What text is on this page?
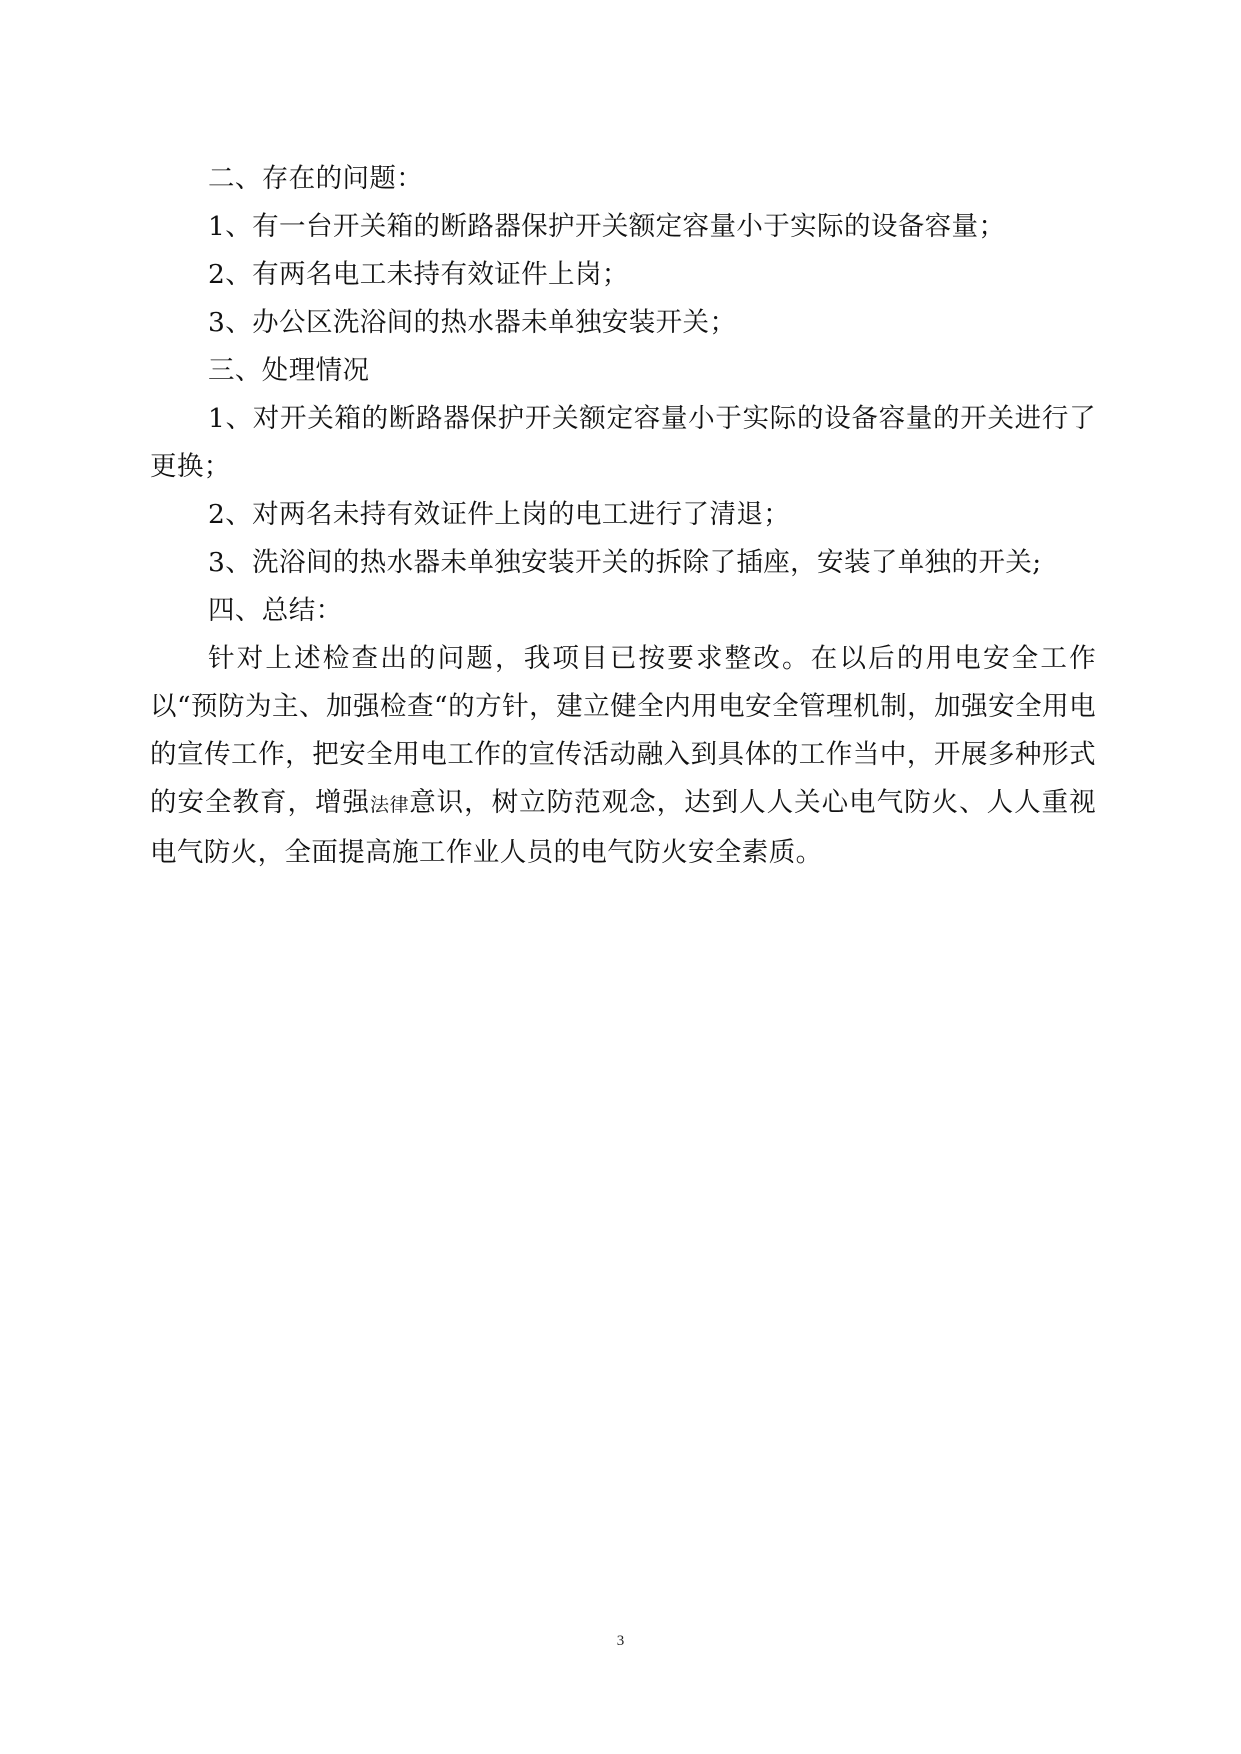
二、存在的问题：

1、有一台开关箱的断路器保护开关额定容量小于实际的设备容量；

2、有两名电工未持有效证件上岗；

3、办公区洗浴间的热水器未单独安装开关；

三、处理情况

1、对开关箱的断路器保护开关额定容量小于实际的设备容量的开关进行了更换；

2、对两名未持有效证件上岗的电工进行了清退；

3、洗浴间的热水器未单独安装开关的拆除了插座，安装了单独的开关;

四、总结：

针对上述检查出的问题，我项目已按要求整改。在以后的用电安全工作以“预防为主、加强检查“的方针，建立健全内用电安全管理机制，加强安全用电的宣传工作，把安全用电工作的宣传活动融入到具体的工作当中，开展多种形式的安全教育，增强法律意识，树立防范观念，达到人人关心电气防火、人人重视电气防火，全面提高施工作业人员的电气防火安全素质。

3
